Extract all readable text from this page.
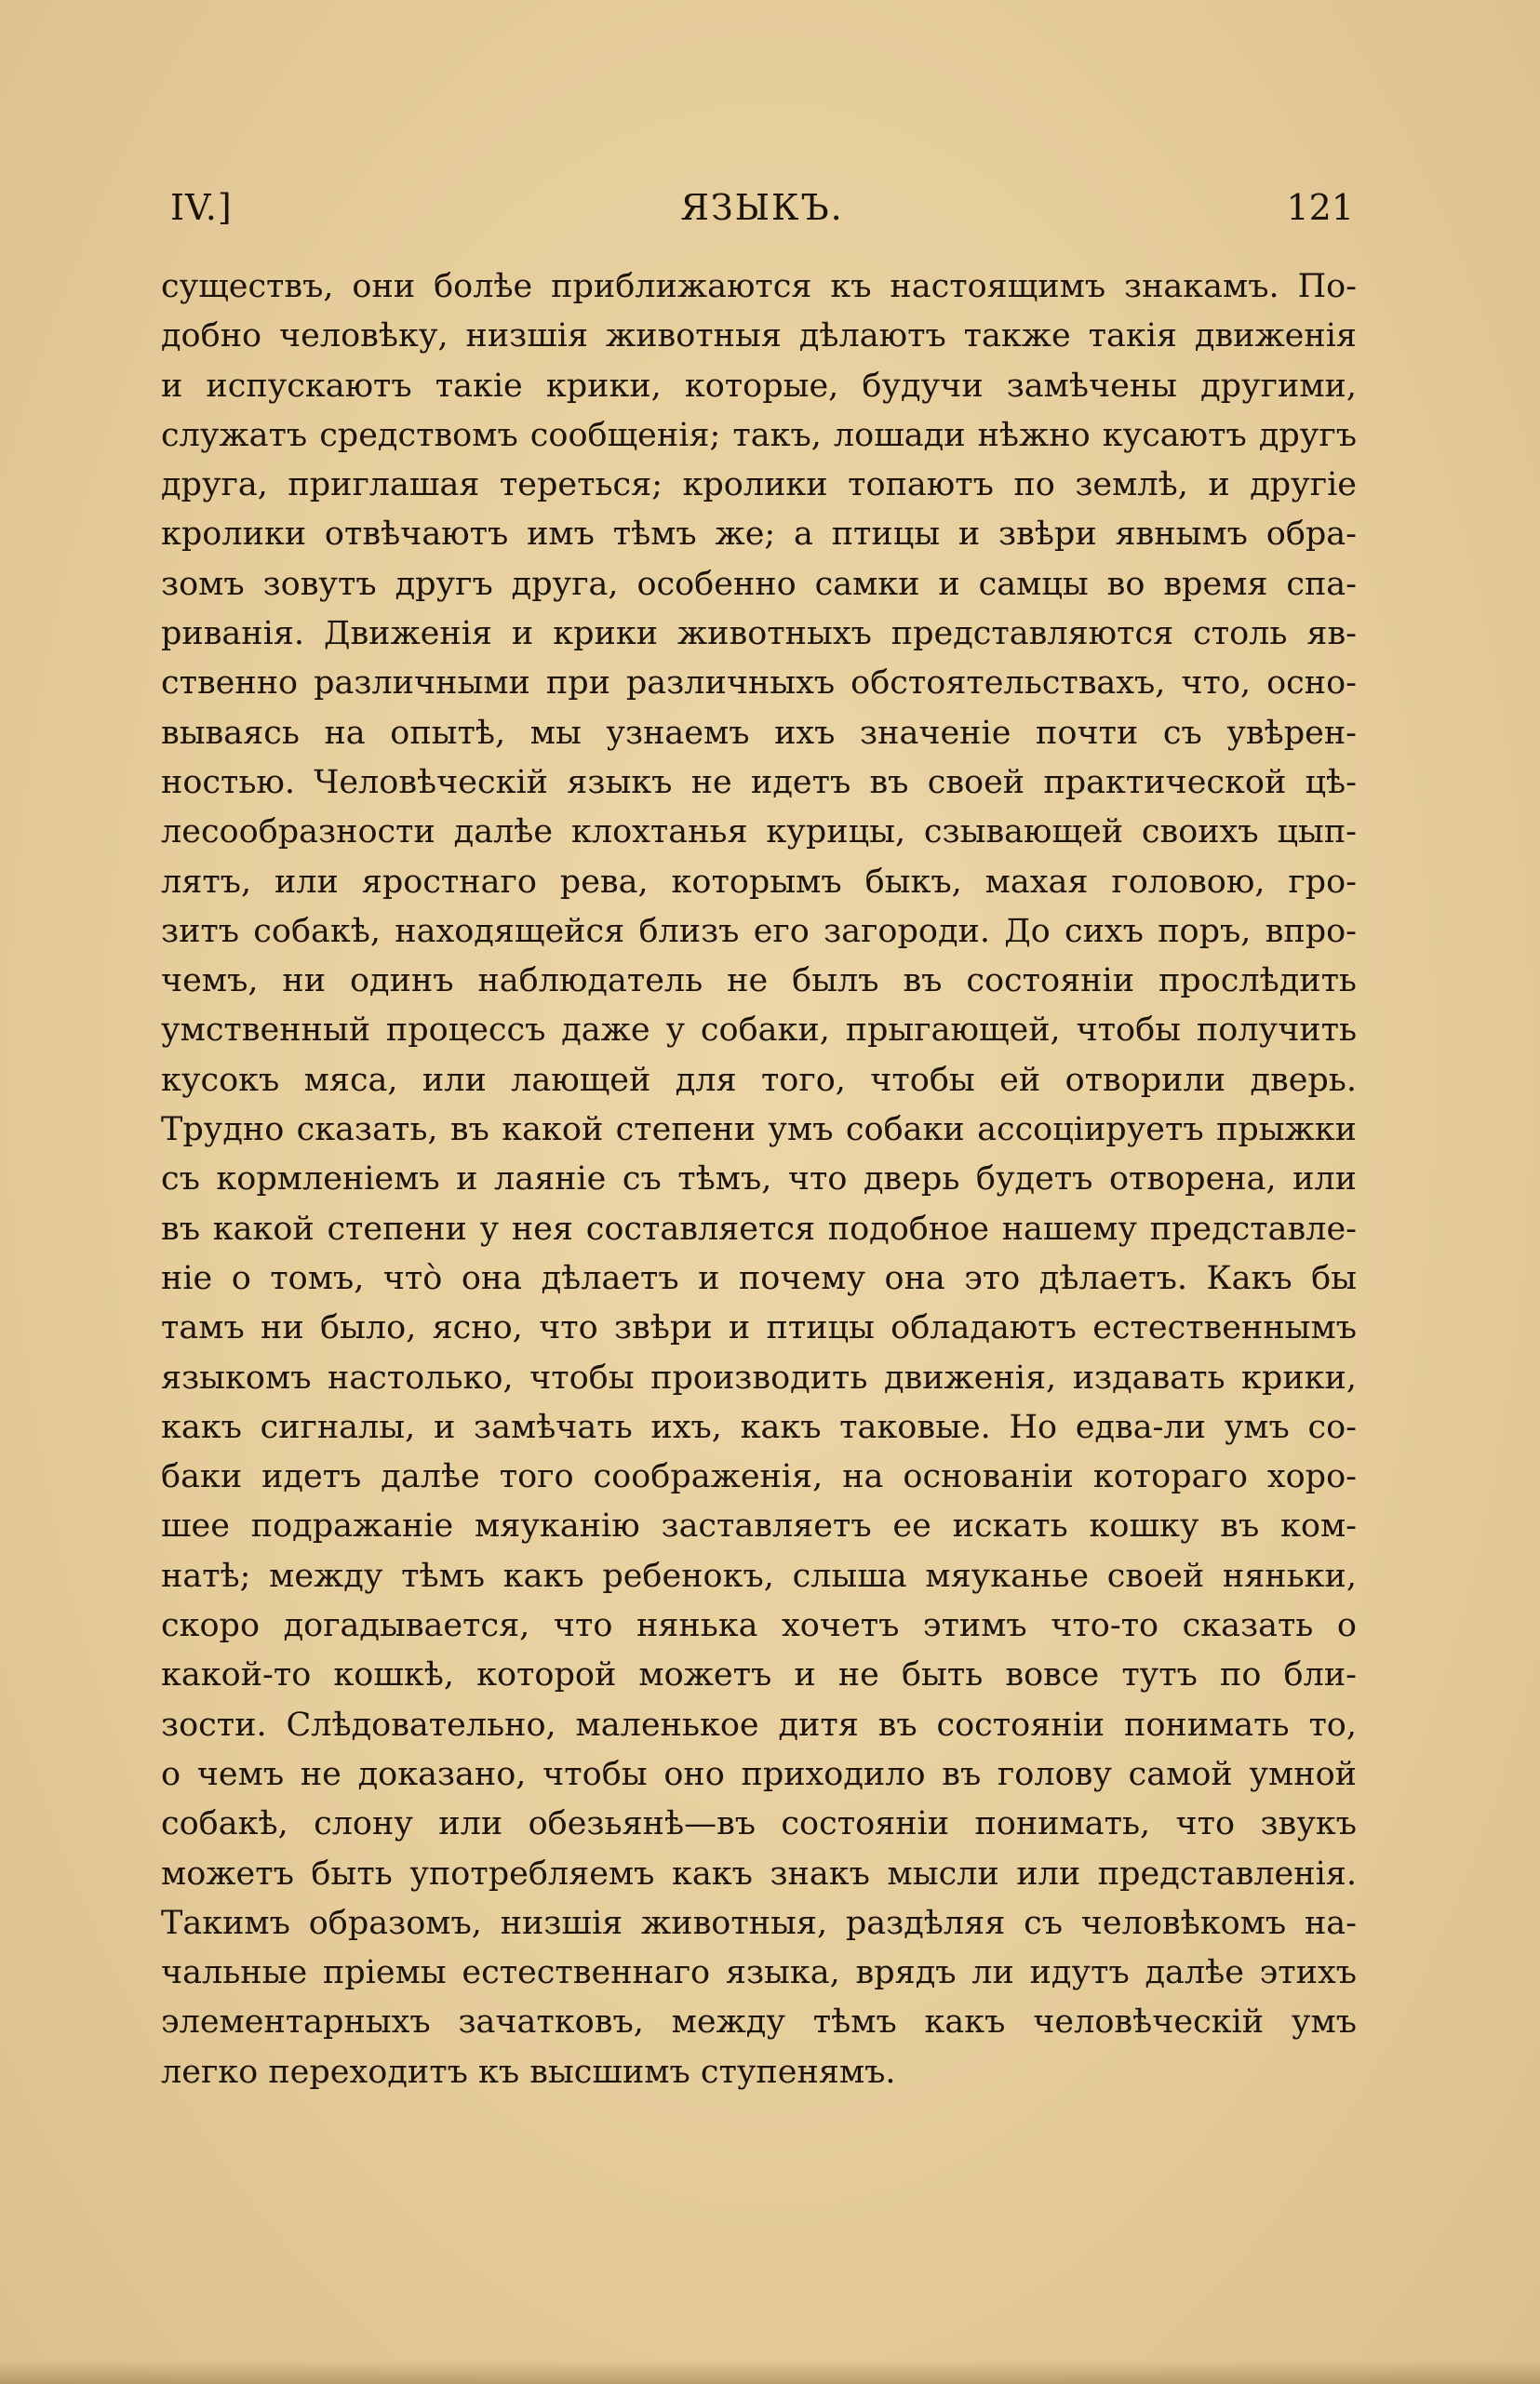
IV.]	ЯЗЫКЪ.	121
существъ, они болѣе приближаются къ настоящимъ знакамъ. По-
добно человѣку, низшія животныя дѣлаютъ также такія движенія
и испускаютъ такіе крики, которые, будучи замѣчены другими,
служатъ средствомъ сообщенія; такъ, лошади нѣжно кусаютъ другъ
друга, приглашая тереться; кролики топаютъ по землѣ, и другіе
кролики отвѣчаютъ имъ тѣмъ же; а птицы и звѣри явнымъ обра-
зомъ зовутъ другъ друга, особенно самки и самцы во время спа-
риванія. Движенія и крики животныхъ представляются столь яв-
ственно различными при различныхъ обстоятельствахъ, что, осно-
вываясь на опытѣ, мы узнаемъ ихъ значеніе почти съ увѣрен-
ностью. Человѣческій языкъ не идетъ въ своей практической цѣ-
лесообразности далѣе клохтанья курицы, сзывающей своихъ цып-
лятъ, или яростнаго рева, которымъ быкъ, махая головою, гро-
зитъ собакѣ, находящейся близъ его загороди. До сихъ поръ, впро-
чемъ, ни одинъ наблюдатель не былъ въ состояніи прослѣдить
умственный процессъ даже у собаки, прыгающей, чтобы получить
кусокъ мяса, или лающей для того, чтобы ей отворили дверь.
Трудно сказать, въ какой степени умъ собаки ассоціируетъ прыжки
съ кормленіемъ и лаяніе съ тѣмъ, что дверь будетъ отворена, или
въ какой степени у нея составляется подобное нашему представле-
ніе о томъ, что̀ она дѣлаетъ и почему она это дѣлаетъ. Какъ бы
тамъ ни было, ясно, что звѣри и птицы обладаютъ естественнымъ
языкомъ настолько, чтобы производить движенія, издавать крики,
какъ сигналы, и замѣчать ихъ, какъ таковые. Но едва-ли умъ со-
баки идетъ далѣе того соображенія, на основаніи котораго хоро-
шее подражаніе мяуканію заставляетъ ее искать кошку въ ком-
натѣ; между тѣмъ какъ ребенокъ, слыша мяуканье своей няньки,
скоро догадывается, что нянька хочетъ этимъ что-то сказать о
какой-то кошкѣ, которой можетъ и не быть вовсе тутъ по бли-
зости. Слѣдовательно, маленькое дитя въ состояніи понимать то,
о чемъ не доказано, чтобы оно приходило въ голову самой умной
собакѣ, слону или обезьянѣ—въ состояніи понимать, что звукъ
можетъ быть употребляемъ какъ знакъ мысли или представленія.
Такимъ образомъ, низшія животныя, раздѣляя съ человѣкомъ на-
чальные пріемы естественнаго языка, врядъ ли идутъ далѣе этихъ
элементарныхъ зачатковъ, между тѣмъ какъ человѣческій умъ
легко переходитъ къ высшимъ ступенямъ.
